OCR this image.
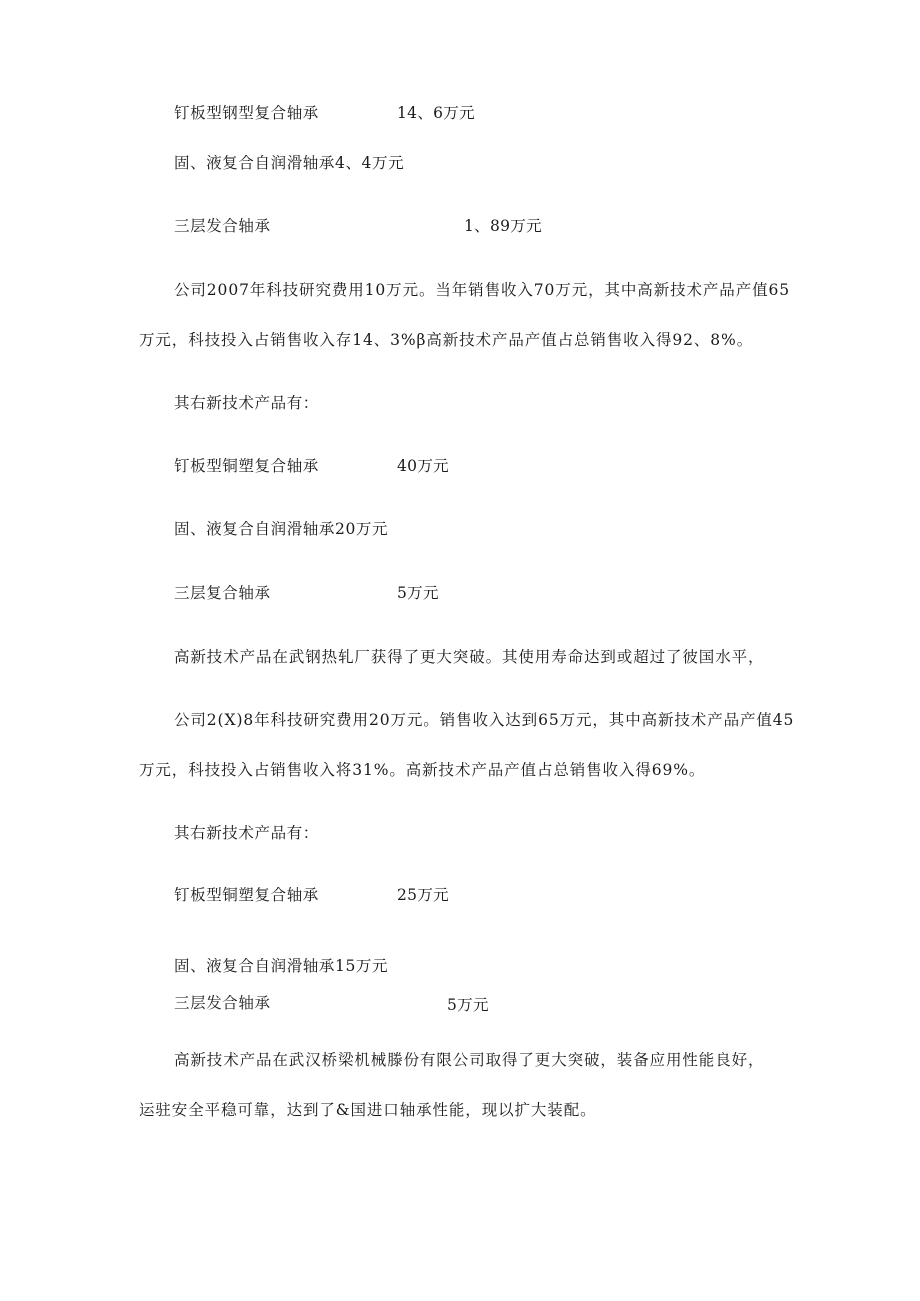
钉板型钢型复合轴承	14、6万元
固、液复合自润滑轴承4、4万元
三层发合轴承	1、89万元
公司2007年科技研究费用10万元。当年销售收入70万元，其中高新技术产品产值65
万元，科技投入占销售收入存14、3%β高新技术产品产值占总销售收入得92、8%。
其右新技术产品有：
钉板型铜塑复合轴承	40万元
固、液复合自润滑轴承20万元
三层复合轴承	5万元
高新技术产品在武钢热轧厂获得了更大突破。其使用寿命达到或超过了彼国水平，
公司2(X)8年科技研究费用20万元。销售收入达到65万元，其中高新技术产品产值45
万元，科技投入占销售收入将31%。高新技术产品产值占总销售收入得69%。
其右新技术产品有：
钉板型铜塑复合轴承	25万元
固、液复合自润滑轴承15万元
三层发合轴承	5万元
高新技术产品在武汉桥梁机械滕份有限公司取得了更大突破，装备应用性能良好，
运驻安全平稳可靠，达到了&国进口轴承性能，现以扩大装配。
